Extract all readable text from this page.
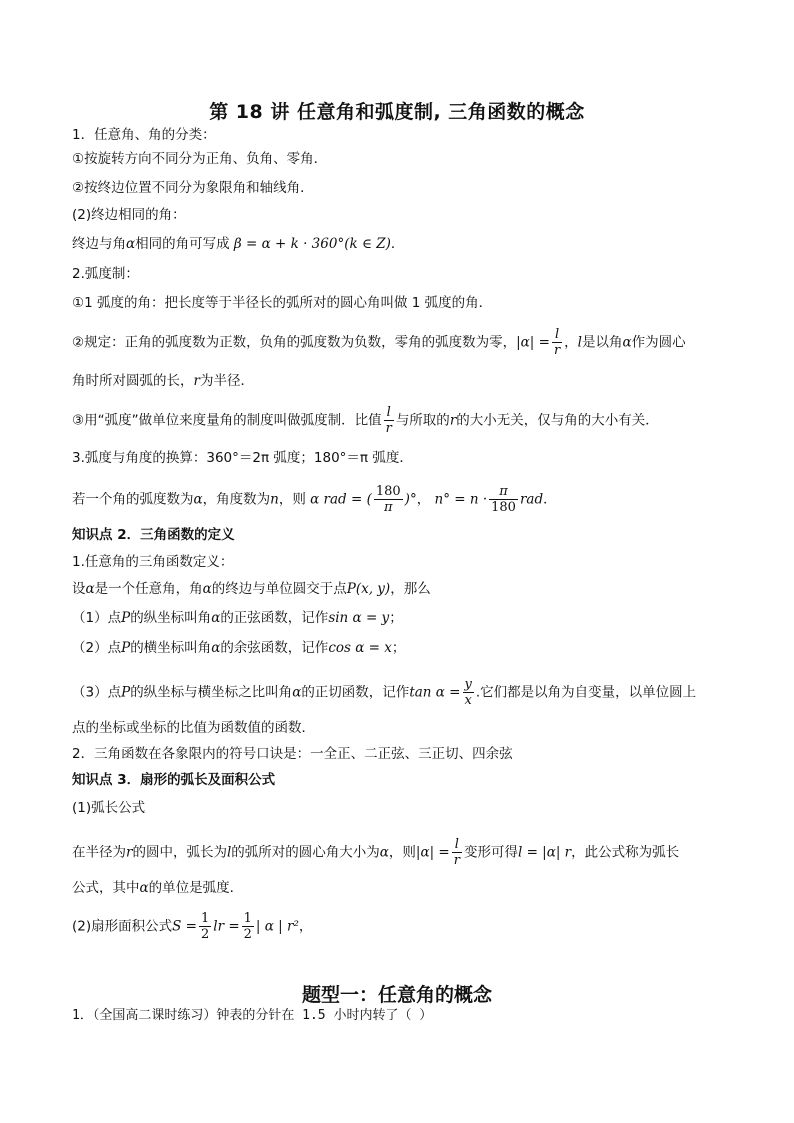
第 18 讲 任意角和弧度制, 三角函数的概念
1．任意角、角的分类：
①按旋转方向不同分为正角、负角、零角．
②按终边位置不同分为象限角和轴线角．
(2)终边相同的角：
终边与角α相同的角可写成 β = α + k · 360°(k ∈ Z)．
2.弧度制：
①1 弧度的角：把长度等于半径长的弧所对的圆心角叫做 1 弧度的角．
②规定：正角的弧度数为正数，负角的弧度数为负数，零角的弧度数为零，$|\alpha| = \frac{l}{r}$ ，l是以角α作为圆心
角时所对圆弧的长，r为半径．
③用“弧度”做单位来度量角的制度叫做弧度制．比值 $\frac{l}{r}$ 与所取的r的大小无关，仅与角的大小有关．
3.弧度与角度的换算：360°＝2π 弧度；180°＝π 弧度．
若一个角的弧度数为α，角度数为n，则 α rad = ( $\frac{180}{\pi}$ )°， $n^\circ = n \cdot \frac{\pi}{180}$ rad．
知识点 2．三角函数的定义
1.任意角的三角函数定义：
设α是一个任意角，角α的终边与单位圆交于点P(x, y)，那么
（1）点P的纵坐标叫角α的正弦函数，记作sin α = y；
（2）点P的横坐标叫角α的余弦函数，记作cos α = x；
（3）点P的纵坐标与横坐标之比叫角α的正切函数，记作$\tan \alpha = \frac{y}{x}$ .它们都是以角为自变量，以单位圆上
点的坐标或坐标的比值为函数值的函数．
2．三角函数在各象限内的符号口诀是：一全正、二正弦、三正切、四余弦
知识点 3．扇形的弧长及面积公式
(1)弧长公式
在半径为r的圆中，弧长为l的弧所对的圆心角大小为α，则$|\alpha| = \frac{l}{r}$ 变形可得l = |α| r，此公式称为弧长
公式，其中α的单位是弧度．
(2)扇形面积公式$S = \frac{1}{2}$ lr = $\frac{1}{2}$ | α | r²，
题型一：任意角的概念
1．（全国高二课时练习）钟表的分针在 1.5 小时内转了（ ）
